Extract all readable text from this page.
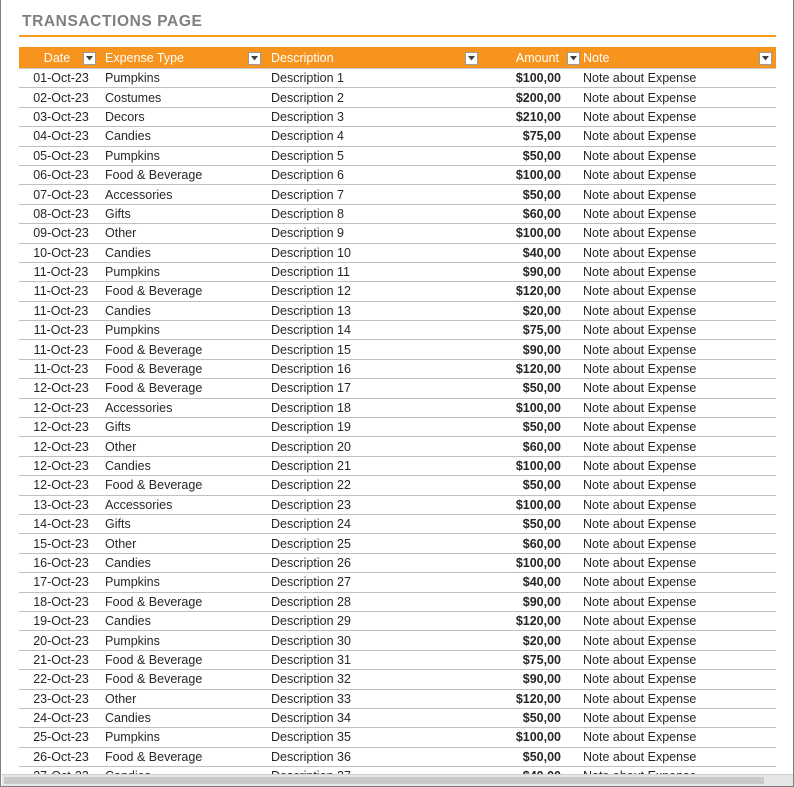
TRANSACTIONS PAGE
Date	Expense Type	Description	Amount Note
01-Oct-23	Pumpkins	Description 1	$100,00	Note about Expense
02-Oct-23	Costumes	Description 2	$200,00	Note about Expense
03-Oct-23	Decors	Description 3	$210,00	Note about Expense
04-Oct-23	Candies	Description 4	$75,00	Note about Expense
05-Oct-23	Pumpkins	Description 5	$50,00	Note about Expense
06-Oct-23	Food & Beverage	Description 6	$100,00	Note about Expense
07-Oct-23	Accessories	Description 7	$50,00	Note about Expense
08-Oct-23	Gifts	Description 8	$60,00	Note about Expense
09-Oct-23	Other	Description 9	$100,00	Note about Expense
10-Oct-23	Candies	Description 10	$40,00	Note about Expense
11-Oct-23	Pumpkins	Description 11	$90,00	Note about Expense
11-Oct-23	Food & Beverage	Description 12	$120,00	Note about Expense
11-Oct-23	Candies	Description 13	$20,00	Note about Expense
11-Oct-23	Pumpkins	Description 14	$75,00	Note about Expense
11-Oct-23	Food & Beverage	Description 15	$90,00	Note about Expense
11-Oct-23	Food & Beverage	Description 16	$120,00	Note about Expense
12-Oct-23	Food & Beverage	Description 17	$50,00	Note about Expense
12-Oct-23	Accessories	Description 18	$100,00	Note about Expense
12-Oct-23	Gifts	Description 19	$50,00	Note about Expense
12-Oct-23	Other	Description 20	$60,00	Note about Expense
12-Oct-23	Candies	Description 21	$100,00	Note about Expense
12-Oct-23	Food & Beverage	Description 22	$50,00	Note about Expense
13-Oct-23	Accessories	Description 23	$100,00	Note about Expense
14-Oct-23	Gifts	Description 24	$50,00	Note about Expense
15-Oct-23	Other	Description 25	$60,00	Note about Expense
16-Oct-23	Candies	Description 26	$100,00	Note about Expense
17-Oct-23	Pumpkins	Description 27	$40,00	Note about Expense
18-Oct-23	Food & Beverage	Description 28	$90,00	Note about Expense
19-Oct-23	Candies	Description 29	$120,00	Note about Expense
20-Oct-23	Pumpkins	Description 30	$20,00	Note about Expense
21-Oct-23	Food & Beverage	Description 31	$75,00	Note about Expense
22-Oct-23	Food & Beverage	Description 32	$90,00	Note about Expense
23-Oct-23	Other	Description 33	$120,00	Note about Expense
24-Oct-23	Candies	Description 34	$50,00	Note about Expense
25-Oct-23	Pumpkins	Description 35	$100,00	Note about Expense
26-Oct-23	Food & Beverage	Description 36	$50,00	Note about Expense
